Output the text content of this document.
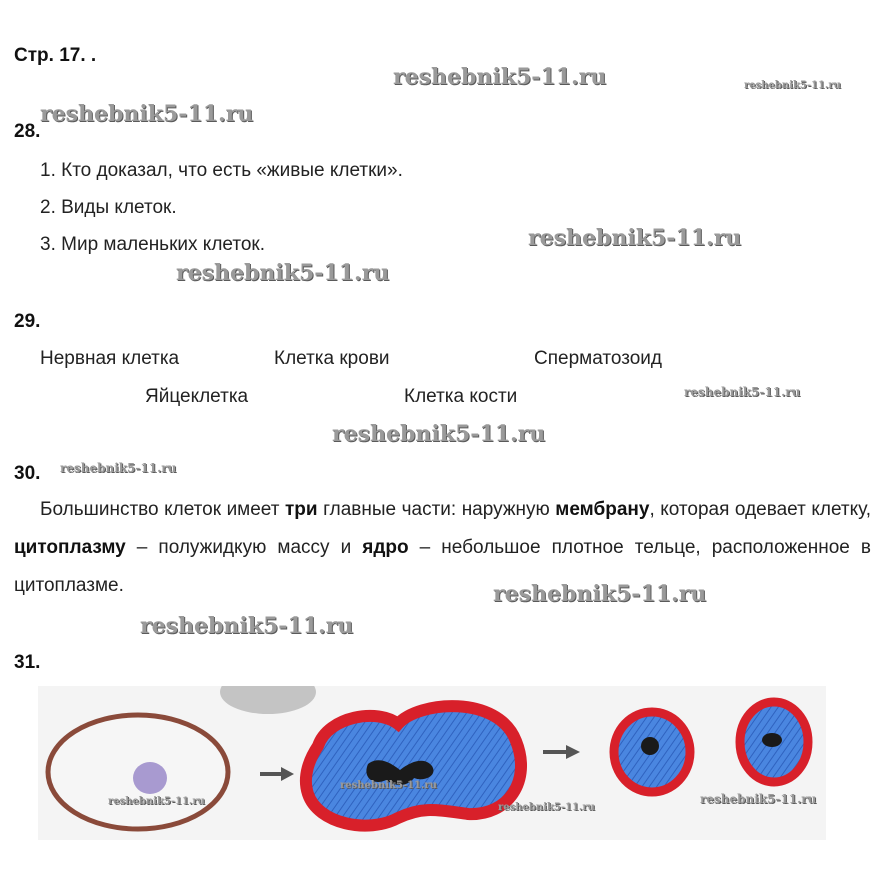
Стр. 17. .
reshebnik5-11.ru	reshebnik5-11.ru
reshebnik5-11.ru
reshebnik5-11.ru
reshebnik5-11.ru
reshebnik5-11.ru
reshebnik5-11.ru
reshebnik5-11.ru
reshebnik5-11.ru
reshebnik5-11.ru
28.
1. Кто доказал, что есть «живые клетки».
2. Виды клеток.
3. Мир маленьких клеток.
29.
Нервная клетка	Клетка крови	Сперматозоид
Яйцеклетка	Клетка кости
30.
Большинство клеток имеет три главные части: наружную мембрану, которая одевает клетку, цитоплазму – полужидкую массу и ядро – небольшое плотное тельце, расположенное в цитоплазме.
31.
reshebnik5-11.ru
reshebnik5-11.ru
reshebnik5-11.ru
reshebnik5-11.ru
